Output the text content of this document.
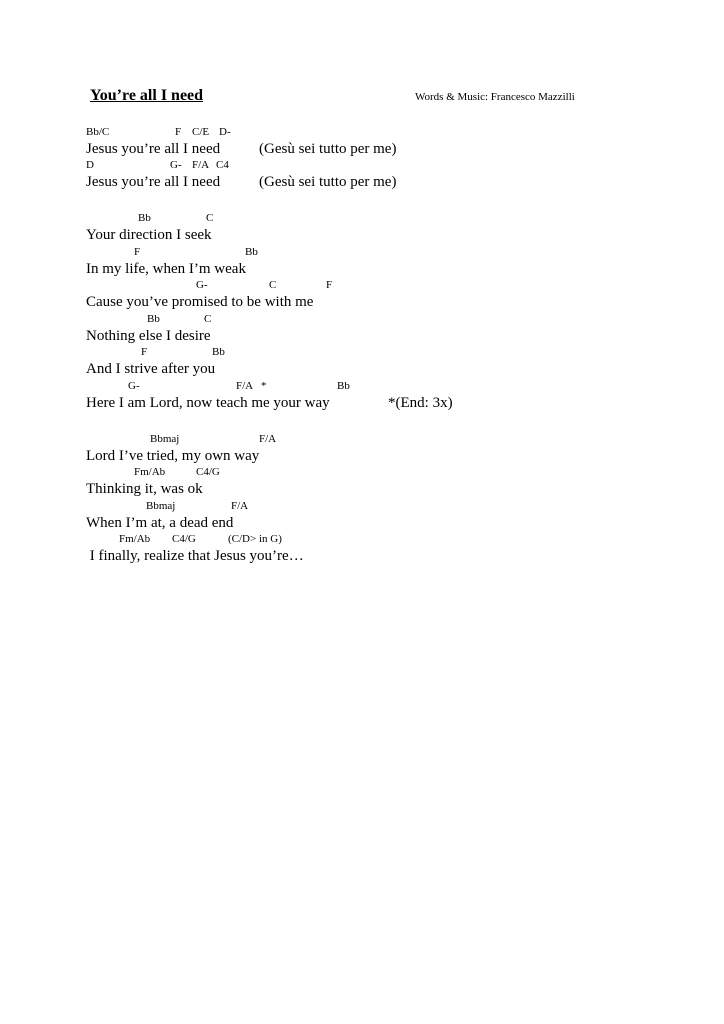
You’re all I need	Words & Music: Francesco Mazzilli

Bb/C

	F

C/E

D-

Jesus you’re all I need

	(Gesù sei tutto per me)

D

	G-

F/A

C4

Jesus you’re all I need

	(Gesù sei tutto per me)

Bb

	C

Your direction I seek

F

	Bb

In my life, when I’m weak

G-

	C

	F

Cause you’ve promised to be with me

Bb

	C

Nothing else I desire

F

	Bb

And I strive after you

G-

	F/A

*

	Bb

Here I am Lord, now teach me your way

	*(End: 3x)

Bbmaj

	F/A

Lord I’ve tried, my own way

Fm/Ab

	C4/G

Thinking it, was ok

Bbmaj

	F/A

When I’m at, a dead end

Fm/Ab

C4/G

	(C/D> in G)

I finally, realize that Jesus you’re…
